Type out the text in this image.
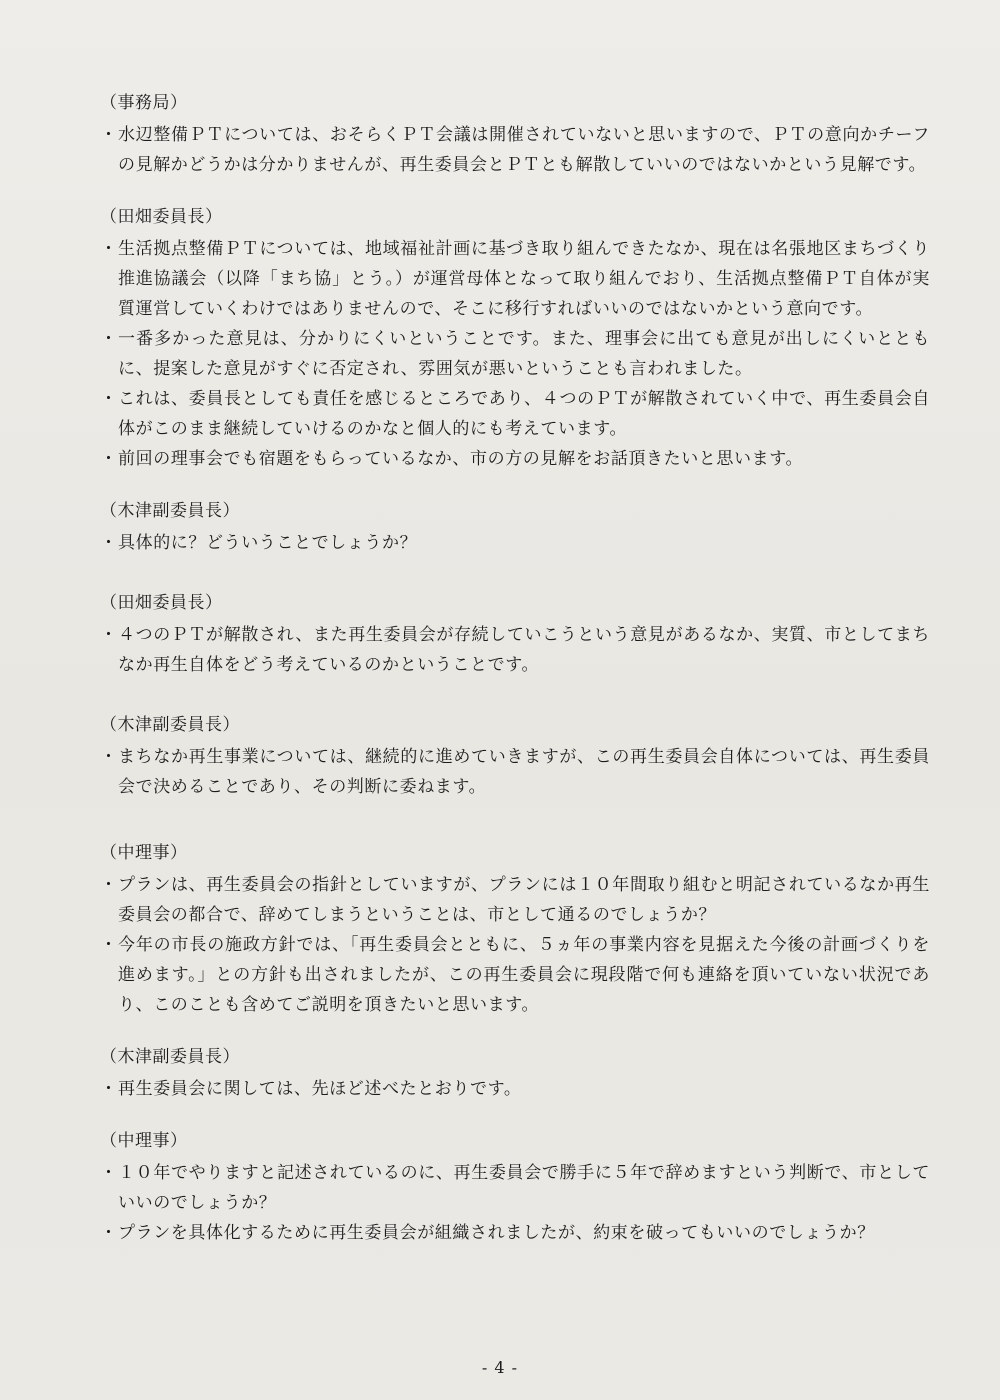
（事務局）
・ 水辺整備ＰＴについては、おそらくＰＴ会議は開催されていないと思いますので、ＰＴの意向かチーフの見解かどうかは分かりませんが、再生委員会とＰＴとも解散していいのではないかという見解です。
（田畑委員長）
・ 生活拠点整備ＰＴについては、地域福祉計画に基づき取り組んできたなか、現在は名張地区まちづくり推進協議会（以降「まち協」とう。）が運営母体となって取り組んでおり、生活拠点整備ＰＴ自体が実質運営していくわけではありませんので、そこに移行すればいいのではないかという意向です。
・ 一番多かった意見は、分かりにくいということです。また、理事会に出ても意見が出しにくいとともに、提案した意見がすぐに否定され、雰囲気が悪いということも言われました。
・ これは、委員長としても責任を感じるところであり、４つのＰＴが解散されていく中で、再生委員会自体がこのまま継続していけるのかなと個人的にも考えています。
・ 前回の理事会でも宿題をもらっているなか、市の方の見解をお話頂きたいと思います。
（木津副委員長）
・ 具体的に？どういうことでしょうか？
（田畑委員長）
・ ４つのＰＴが解散され、また再生委員会が存続していこうという意見があるなか、実質、市としてまちなか再生自体をどう考えているのかということです。
（木津副委員長）
・ まちなか再生事業については、継続的に進めていきますが、この再生委員会自体については、再生委員会で決めることであり、その判断に委ねます。
（中理事）
・ プランは、再生委員会の指針としていますが、プランには１０年間取り組むと明記されているなか再生委員会の都合で、辞めてしまうということは、市として通るのでしょうか？
・ 今年の市長の施政方針では、「再生委員会とともに、５ヵ年の事業内容を見据えた今後の計画づくりを進めます。」との方針も出されましたが、この再生委員会に現段階で何も連絡を頂いていない状況であり、このことも含めてご説明を頂きたいと思います。
（木津副委員長）
・ 再生委員会に関しては、先ほど述べたとおりです。
（中理事）
・ １０年でやりますと記述されているのに、再生委員会で勝手に５年で辞めますという判断で、市としていいのでしょうか？
・ プランを具体化するために再生委員会が組織されましたが、約束を破ってもいいのでしょうか？
- 4 -
